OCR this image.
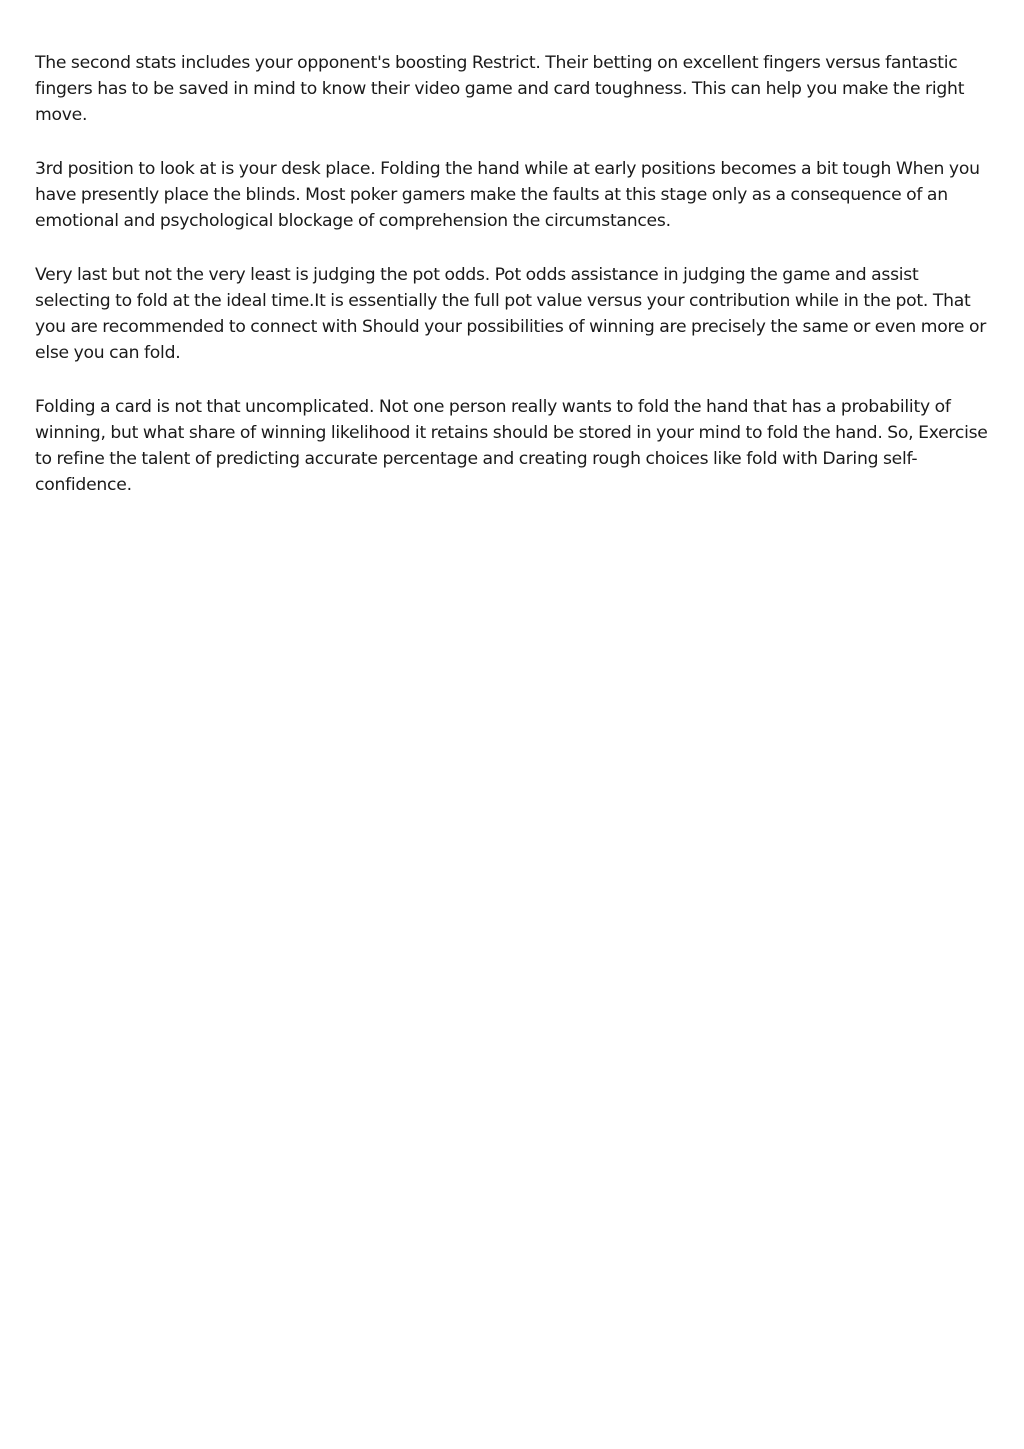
The second stats includes your opponent's boosting Restrict. Their betting on excellent fingers versus fantastic fingers has to be saved in mind to know their video game and card toughness. This can help you make the right move.

3rd position to look at is your desk place. Folding the hand while at early positions becomes a bit tough When you have presently place the blinds. Most poker gamers make the faults at this stage only as a consequence of an emotional and psychological blockage of comprehension the circumstances.

Very last but not the very least is judging the pot odds. Pot odds assistance in judging the game and assist selecting to fold at the ideal time.It is essentially the full pot value versus your contribution while in the pot. That you are recommended to connect with Should your possibilities of winning are precisely the same or even more or else you can fold.

Folding a card is not that uncomplicated. Not one person really wants to fold the hand that has a probability of winning, but what share of winning likelihood it retains should be stored in your mind to fold the hand. So, Exercise to refine the talent of predicting accurate percentage and creating rough choices like fold with Daring self-confidence.
